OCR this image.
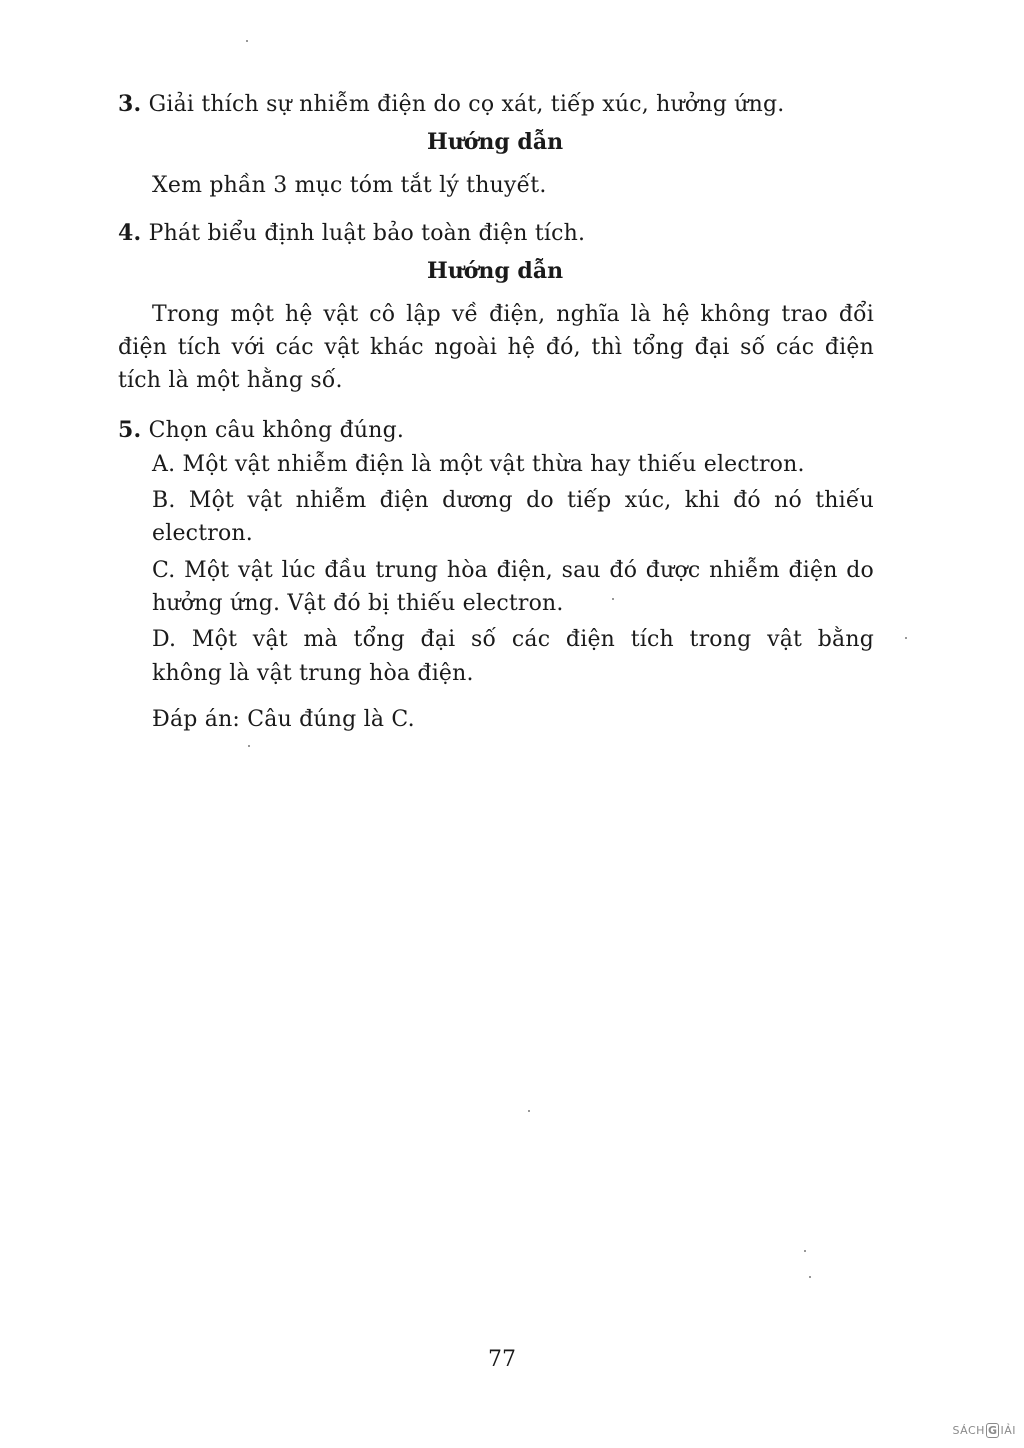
3. Giải thích sự nhiễm điện do cọ xát, tiếp xúc, hưởng ứng.
Hướng dẫn
Xem phần 3 mục tóm tắt lý thuyết.
4. Phát biểu định luật bảo toàn điện tích.
Hướng dẫn
Trong một hệ vật cô lập về điện, nghĩa là hệ không trao đổi
điện tích với các vật khác ngoài hệ đó, thì tổng đại số các điện
tích là một hằng số.
5. Chọn câu không đúng.
A. Một vật nhiễm điện là một vật thừa hay thiếu electron.
B. Một vật nhiễm điện dương do tiếp xúc, khi đó nó thiếu
electron.
C. Một vật lúc đầu trung hòa điện, sau đó được nhiễm điện do
hưởng ứng. Vật đó bị thiếu electron.
D. Một vật mà tổng đại số các điện tích trong vật bằng
không là vật trung hòa điện.
Đáp án: Câu đúng là C.
77
SÁCH G IẢI
